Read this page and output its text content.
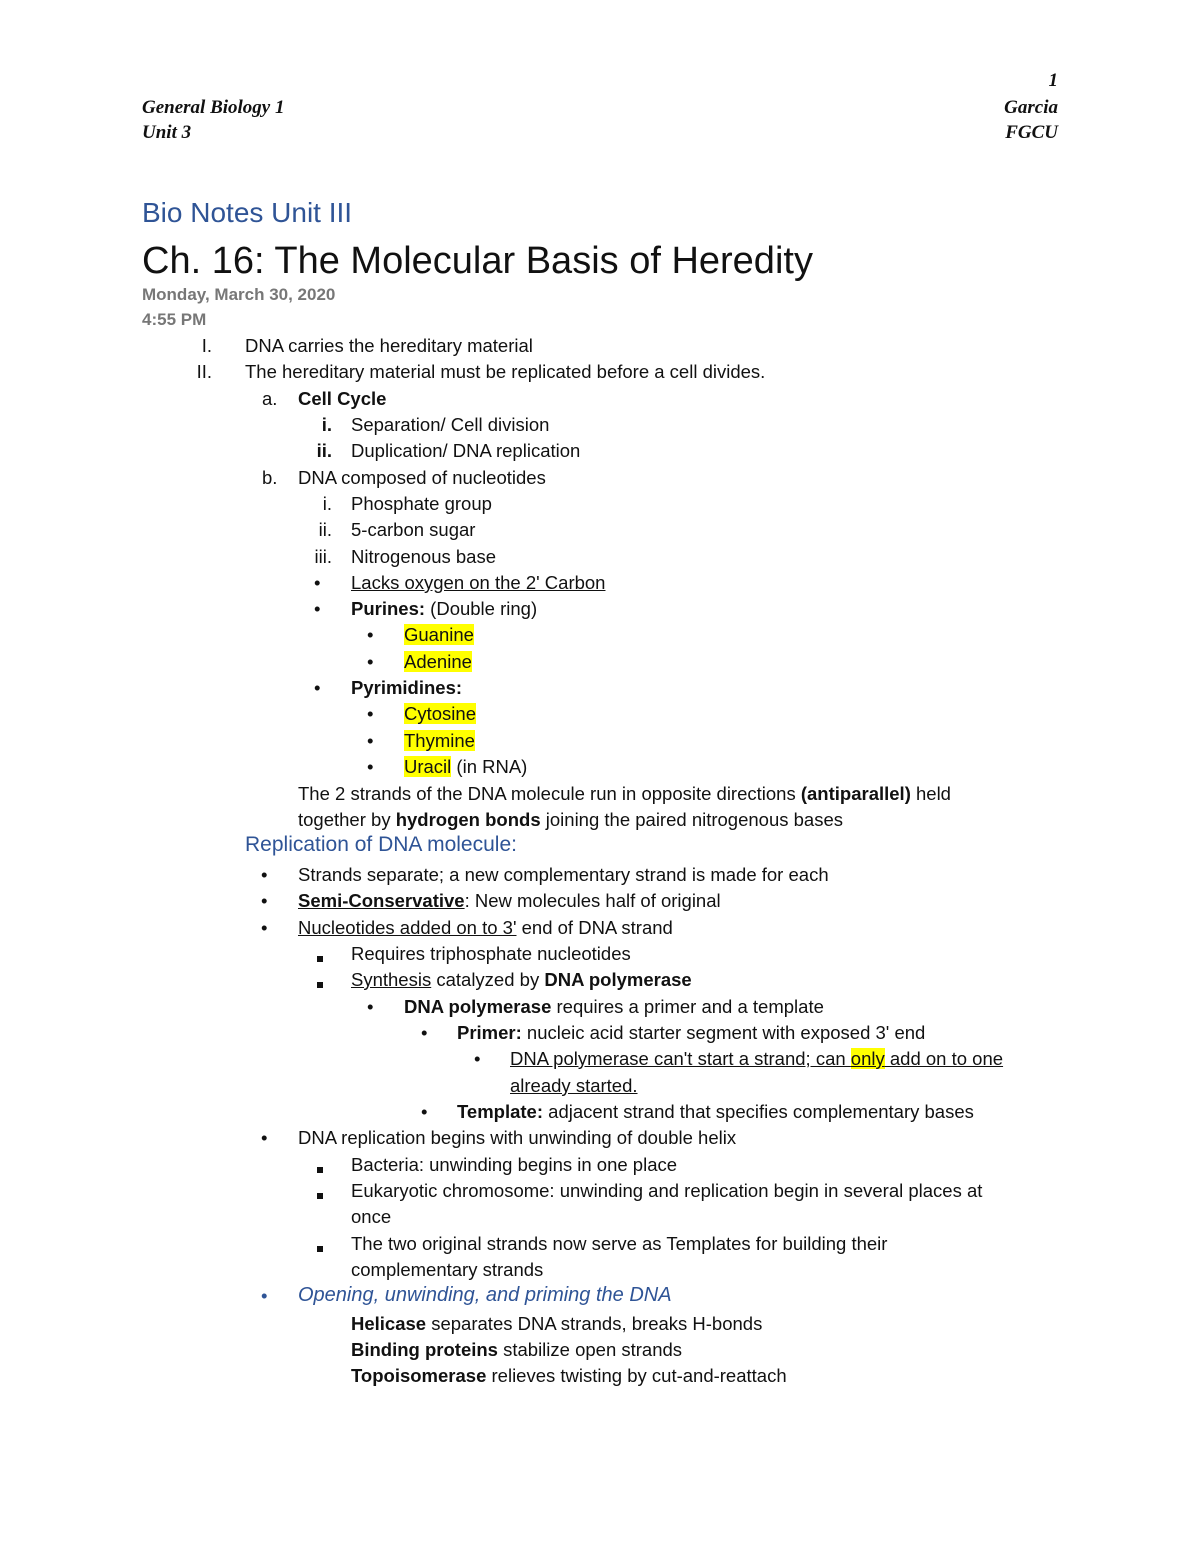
1
General Biology 1
Unit 3
Garcia
FGCU
Bio Notes Unit III
Ch. 16: The Molecular Basis of Heredity
Monday, March 30, 2020
4:55 PM
I. DNA carries the hereditary material
II. The hereditary material must be replicated before a cell divides.
a. Cell Cycle
i. Separation/ Cell division
ii. Duplication/ DNA replication
b. DNA composed of nucleotides
i. Phosphate group
ii. 5-carbon sugar
iii. Nitrogenous base
• Lacks oxygen on the 2' Carbon
• Purines: (Double ring)
• Guanine
• Adenine
• Pyrimidines:
• Cytosine
• Thymine
• Uracil (in RNA)
The 2 strands of the DNA molecule run in opposite directions (antiparallel) held
together by hydrogen bonds joining the paired nitrogenous bases
Replication of DNA molecule:
• Strands separate; a new complementary strand is made for each
• Semi-Conservative: New molecules half of original
• Nucleotides added on to 3' end of DNA strand
Requires triphosphate nucleotides
Synthesis catalyzed by DNA polymerase
• DNA polymerase requires a primer and a template
• Primer: nucleic acid starter segment with exposed 3' end
• DNA polymerase can't start a strand; can only add on to one
already started.
• Template: adjacent strand that specifies complementary bases
• DNA replication begins with unwinding of double helix
Bacteria: unwinding begins in one place
Eukaryotic chromosome: unwinding and replication begin in several places at
once
The two original strands now serve as Templates for building their
complementary strands
• Opening, unwinding, and priming the DNA
Helicase separates DNA strands, breaks H-bonds
Binding proteins stabilize open strands
Topoisomerase relieves twisting by cut-and-reattach
